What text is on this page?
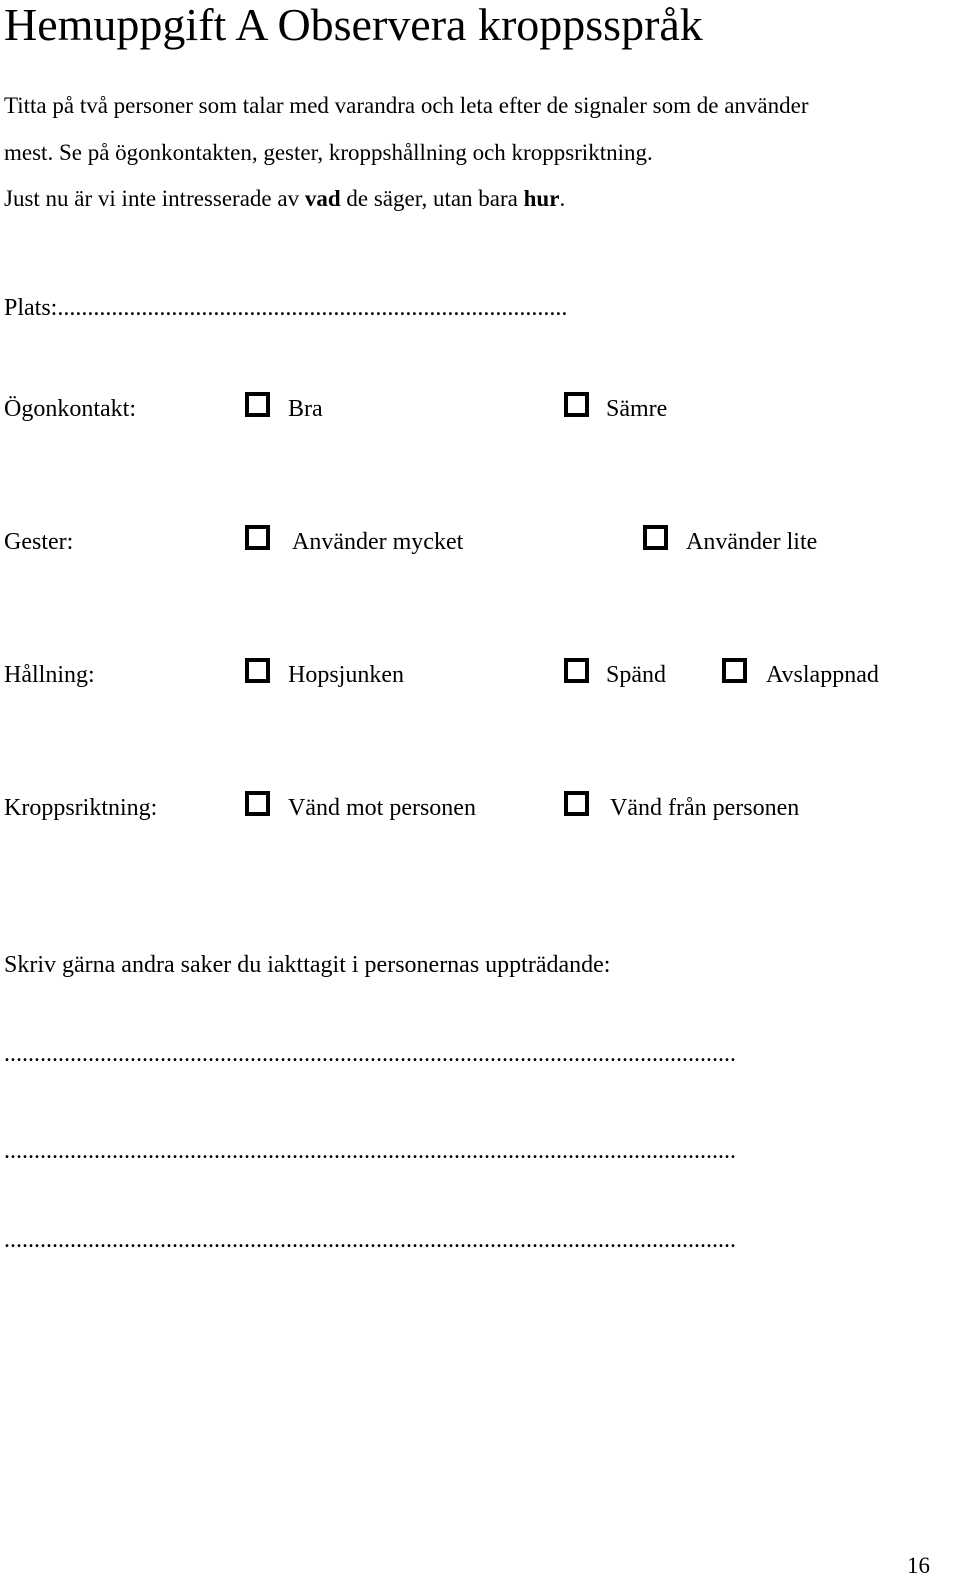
Hemuppgift A Observera kroppsspråk
Titta på två personer som talar med varandra och leta efter de signaler som de använder
mest. Se på ögonkontakten, gester, kroppshållning och kroppsriktning.
Just nu är vi inte intresserade av vad de säger, utan bara hur.
Plats:.....................................................................................
Ögonkontakt:	Bra	Sämre
Gester:	Använder mycket	Använder lite
Hållning:	Hopsjunken	Spänd	Avslappnad
Kroppsriktning:	Vänd mot personen	Vänd från personen
Skriv gärna andra saker du iakttagit i personernas uppträdande:
..........................................................................................................................
..........................................................................................................................
..........................................................................................................................
16
